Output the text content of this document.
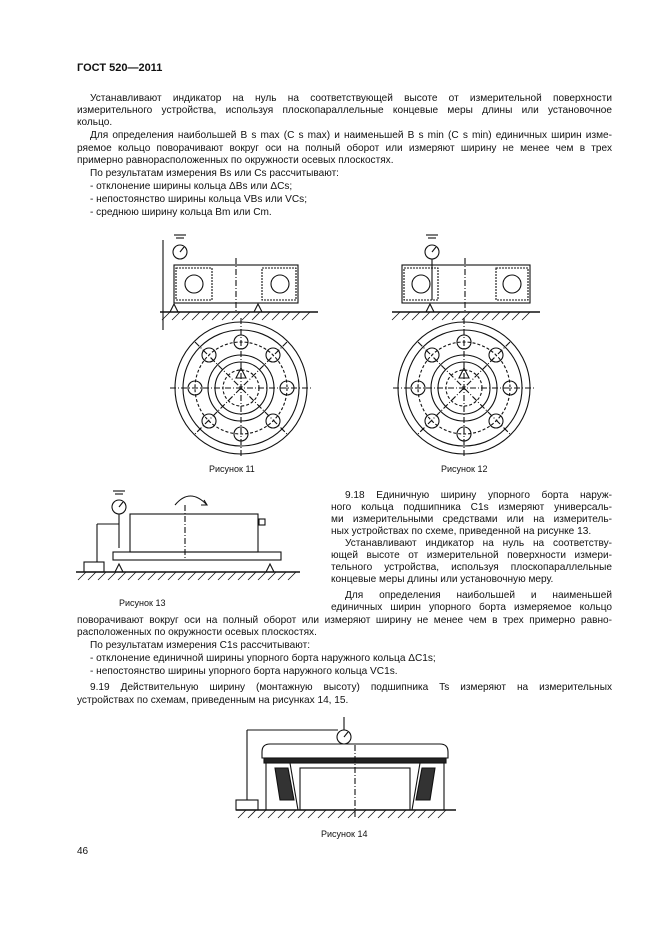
ГОСТ 520—2011
Устанавливают индикатор на нуль на соответствующей высоте от измерительной поверхности
измерительного устройства, используя плоскопараллельные концевые меры длины или установочное
кольцо.
Для определения наибольшей B s max (C s max) и наименьшей B s min (C s min) единичных ширин изме-
ряемое кольцо поворачивают вокруг оси на полный оборот или измеряют ширину не менее чем в трех
примерно равнорасположенных по окружности осевых плоскостях.
По результатам измерения Bs или Cs рассчитывают:
- отклонение ширины кольца ΔBs или ΔCs;
- непостоянство ширины кольца VBs или VCs;
- среднюю ширину кольца Bm или Cm.
Рисунок 11	Рисунок 12
Рисунок 13
9.18 Единичную ширину упорного борта наруж-
ного кольца подшипника C1s измеряют универсаль-
ми измерительными средствами или на измеритель-
ных устройствах по схеме, приведенной на рисунке 13.
Устанавливают индикатор на нуль на соответству-
ющей высоте от измерительной поверхности измери-
тельного устройства, используя плоскопараллельные
концевые меры длины или установочную меру.
Для определения наибольшей и наименьшей
единичных ширин упорного борта измеряемое кольцо
поворачивают вокруг оси на полный оборот или измеряют ширину не менее чем в трех примерно равно-
расположенных по окружности осевых плоскостях.
По результатам измерения C1s рассчитывают:
- отклонение единичной ширины упорного борта наружного кольца ΔC1s;
- непостоянство ширины упорного борта наружного кольца VC1s.
9.19 Действительную ширину (монтажную высоту) подшипника Ts измеряют на измерительных
устройствах по схемам, приведенным на рисунках 14, 15.
Рисунок 14
46
